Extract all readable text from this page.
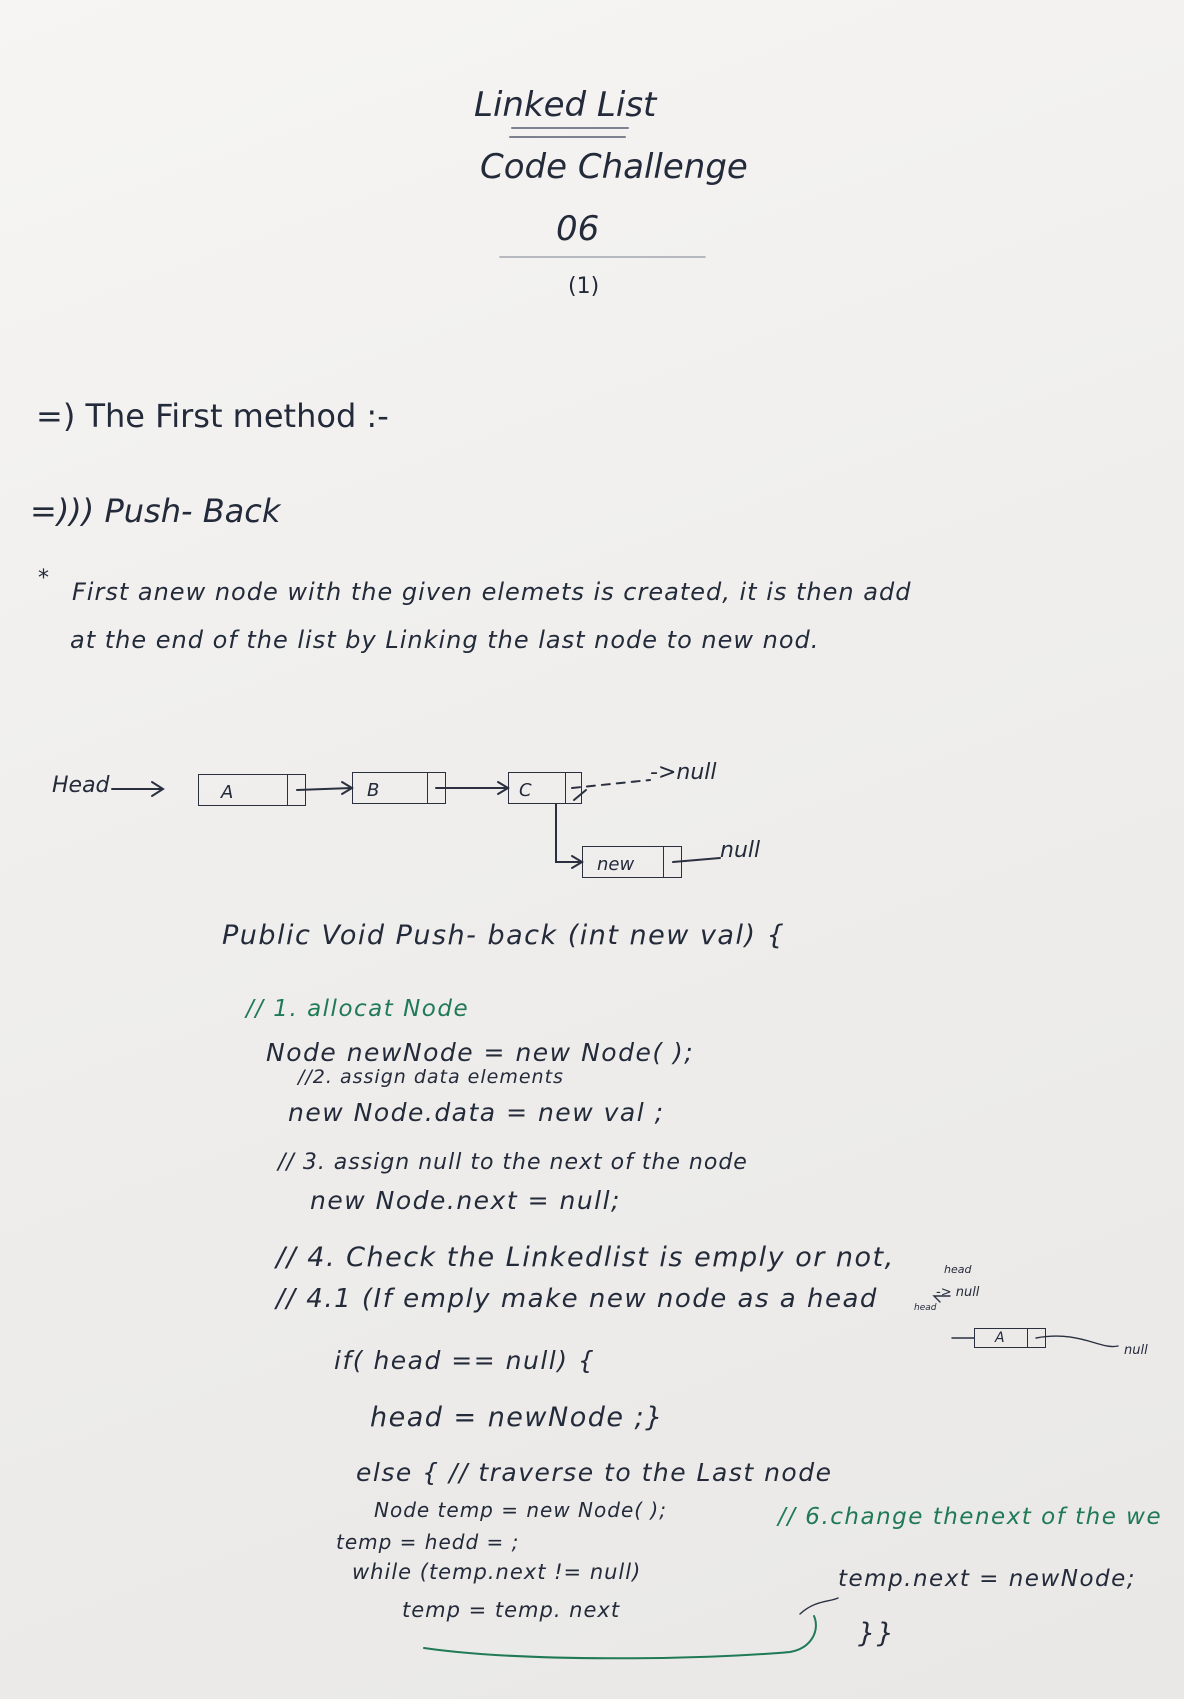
Linked List
Code Challenge
06
(1)
=) The First method :-
=))) Push- Back
* First anew node with the given elemets is created, it is then add
at the end of the list by Linking the last node to new nod.
Head	A	B	C
->null
new
null
Public Void Push- back (int new val) {
// 1. allocat Node
Node newNode = new Node( );
//2. assign data elements
new Node.data = new val ;
// 3. assign null to the next of the node
new Node.next = null;
// 4. Check the Linkedlist is emply or not,
// 4.1 (If emply make new node as a head
if( head == null) {
head = newNode ;}
else { // traverse to the Last node
Node temp = new Node( );
temp = hedd = ;
while (temp.next != null)
temp = temp. next
// 6.change thenext of the we
temp.next = newNode;
}}
head
-> null
head
A
null
